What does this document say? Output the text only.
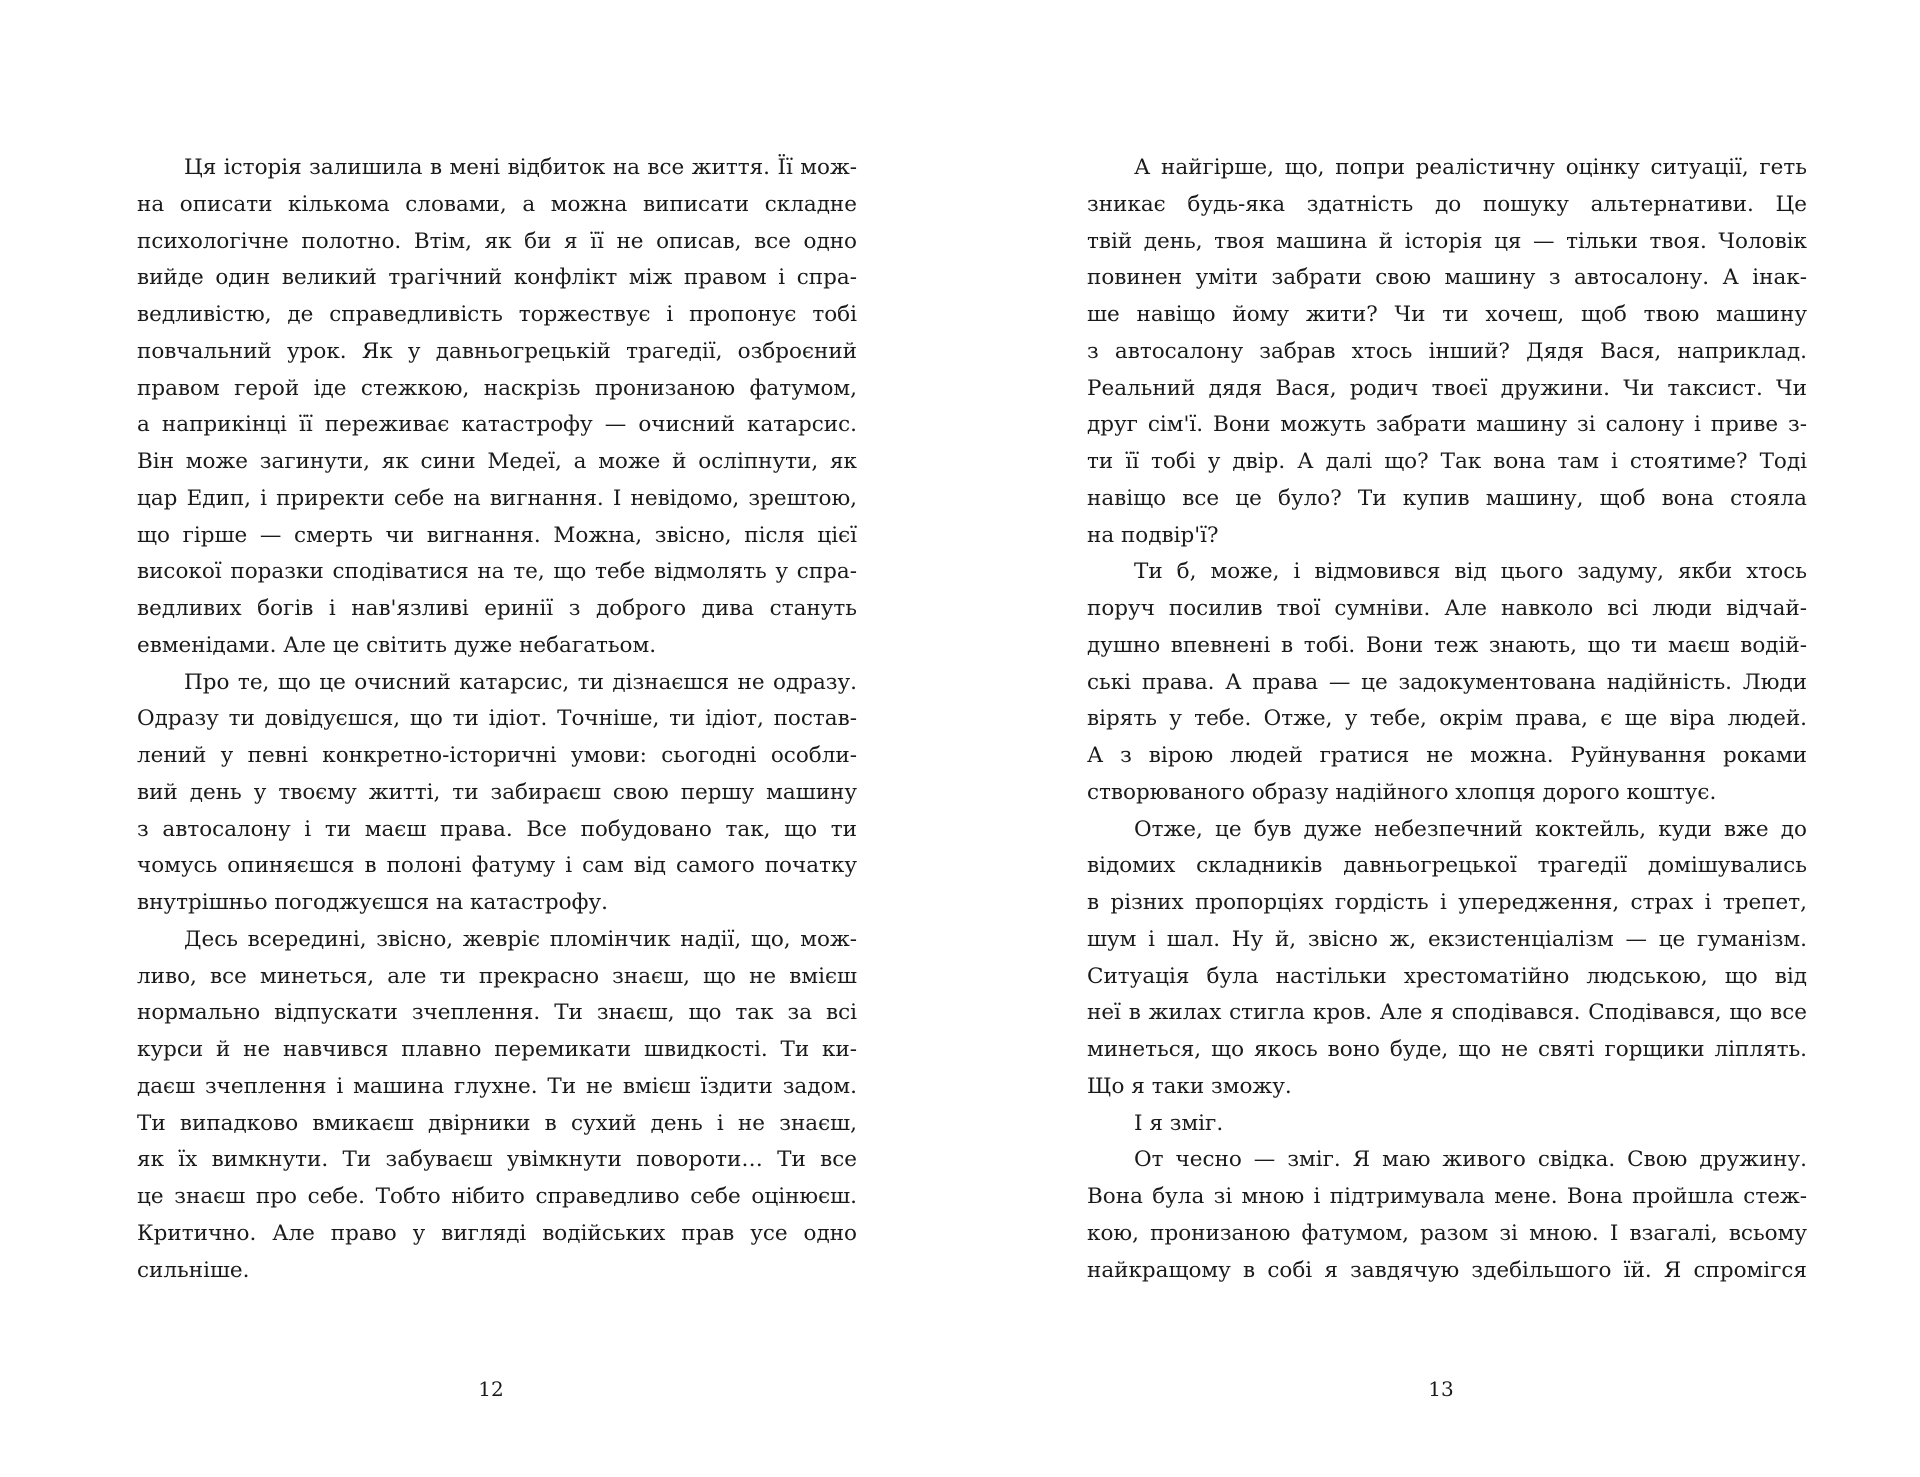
Ця історія залишила в мені відбиток на все життя. Її мож-
на описати кількома словами, а можна виписати складне
психологічне полотно. Втім, як би я її не описав, все одно
вийде один великий трагічний конфлікт між правом і спра-
ведливістю, де справедливість торжествує і пропонує тобі
повчальний урок. Як у давньогрецькій трагедії, озброєний
правом герой іде стежкою, наскрізь пронизаною фатумом,
а наприкінці її переживає катастрофу — очисний катарсис.
Він може загинути, як сини Медеї, а може й осліпнути, як
цар Едип, і приректи себе на вигнання. І невідомо, зрештою,
що гірше — смерть чи вигнання. Можна, звісно, після цієї
високої поразки сподіватися на те, що тебе відмолять у спра-
ведливих богів і нав'язливі еринії з доброго дива стануть
евменідами. Але це світить дуже небагатьом.
Про те, що це очисний катарсис, ти дізнаєшся не одразу.
Одразу ти довідуєшся, що ти ідіот. Точніше, ти ідіот, постав-
лений у певні конкретно-історичні умови: сьогодні особли-
вий день у твоєму житті, ти забираєш свою першу машину
з автосалону і ти маєш права. Все побудовано так, що ти
чомусь опиняєшся в полоні фатуму і сам від самого початку
внутрішньо погоджуєшся на катастрофу.
Десь всередині, звісно, жевріє пломінчик надії, що, мож-
ливо, все минеться, але ти прекрасно знаєш, що не вмієш
нормально відпускати зчеплення. Ти знаєш, що так за всі
курси й не навчився плавно перемикати швидкості. Ти ки-
даєш зчеплення і машина глухне. Ти не вмієш їздити задом.
Ти випадково вмикаєш двірники в сухий день і не знаєш,
як їх вимкнути. Ти забуваєш увімкнути повороти… Ти все
це знаєш про себе. Тобто нібито справедливо себе оцінюєш.
Критично. Але право у вигляді водійських прав усе одно
сильніше.
12
А найгірше, що, попри реалістичну оцінку ситуації, геть
зникає будь-яка здатність до пошуку альтернативи. Це
твій день, твоя машина й історія ця — тільки твоя. Чоловік
повинен уміти забрати свою машину з автосалону. А інак-
ше навіщо йому жити? Чи ти хочеш, щоб твою машину
з автосалону забрав хтось інший? Дядя Вася, наприклад.
Реальний дядя Вася, родич твоєї дружини. Чи таксист. Чи
друг сім'ї. Вони можуть забрати машину зі салону і приве з-
ти її тобі у двір. А далі що? Так вона там і стоятиме? Тоді
навіщо все це було? Ти купив машину, щоб вона стояла
на подвір'ї?
Ти б, може, і відмовився від цього задуму, якби хтось
поруч посилив твої сумніви. Але навколо всі люди відчай-
душно впевнені в тобі. Вони теж знають, що ти маєш водій-
ські права. А права — це задокументована надійність. Люди
вірять у тебе. Отже, у тебе, окрім права, є ще віра людей.
А з вірою людей гратися не можна. Руйнування роками
створюваного образу надійного хлопця дорого коштує.
Отже, це був дуже небезпечний коктейль, куди вже до
відомих складників давньогрецької трагедії домішувались
в різних пропорціях гордість і упередження, страх і трепет,
шум і шал. Ну й, звісно ж, екзистенціалізм — це гуманізм.
Ситуація була настільки хрестоматійно людською, що від
неї в жилах стигла кров. Але я сподівався. Сподівався, що все
минеться, що якось воно буде, що не святі горщики ліплять.
Що я таки зможу.
І я зміг.
От чесно — зміг. Я маю живого свідка. Свою дружину.
Вона була зі мною і підтримувала мене. Вона пройшла стеж-
кою, пронизаною фатумом, разом зі мною. І взагалі, всьому
найкращому в собі я завдячую здебільшого їй. Я спромігся
13
